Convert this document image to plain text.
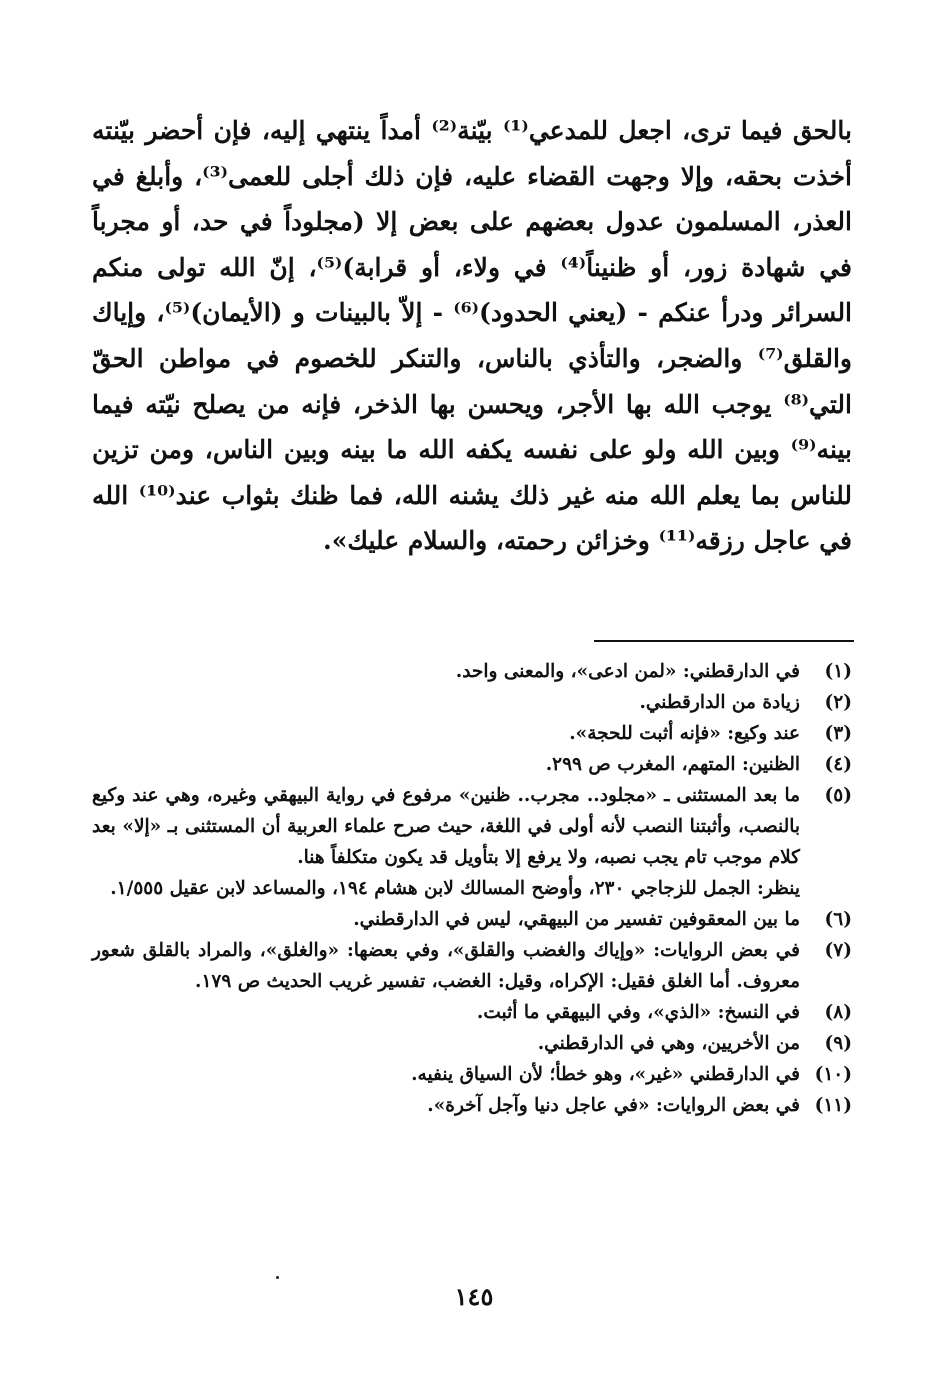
بالحق فيما ترى، اجعل للمدعي⁽¹⁾ بيّنة⁽²⁾ أمداً ينتهي إليه، فإن أحضر بيّنته أخذت بحقه، وإلا وجهت القضاء عليه، فإن ذلك أجلى للعمى⁽³⁾، وأبلغ في العذر، المسلمون عدول بعضهم على بعض إلا (مجلوداً في حد، أو مجرباً في شهادة زور، أو ظنيناً⁽⁴⁾ في ولاء، أو قرابة)⁽⁵⁾، إنّ الله تولى منكم السرائر ودرأ عنكم - (يعني الحدود)⁽⁶⁾ - إلاّ بالبينات و (الأيمان)⁽⁵⁾، وإياك والقلق⁽⁷⁾ والضجر، والتأذي بالناس، والتنكر للخصوم في مواطن الحقّ التي⁽⁸⁾ يوجب الله بها الأجر، ويحسن بها الذخر، فإنه من يصلح نيّته فيما بينه⁽⁹⁾ وبين الله ولو على نفسه يكفه الله ما بينه وبين الناس، ومن تزين للناس بما يعلم الله منه غير ذلك يشنه الله، فما ظنك بثواب عند⁽¹⁰⁾ الله في عاجل رزقه⁽¹¹⁾ وخزائن رحمته، والسلام عليك».

(١)
في الدارقطني: «لمن ادعى»، والمعنى واحد.
(٢)
زيادة من الدارقطني.
(٣)
عند وكيع: «فإنه أثبت للحجة».
(٤)
الظنين: المتهم، المغرب ص ٢٩٩.
(٥)

ما بعد المستثنى ـ «مجلود.. مجرب.. ظنين» مرفوع في رواية البيهقي وغيره، وهي عند وكيع بالنصب، وأثبتنا النصب لأنه أولى في اللغة، حيث صرح علماء العربية أن المستثنى بـ «إلا» بعد كلام موجب تام يجب نصبه، ولا يرفع إلا بتأويل قد يكون متكلفاً هنا.

ينظر: الجمل للزجاجي ٢٣٠، وأوضح المسالك لابن هشام ١٩٤، والمساعد لابن عقيل ١/٥٥٥.

(٦)
ما بين المعقوفين تفسير من البيهقي، ليس في الدارقطني.
(٧)
في بعض الروايات: «وإياك والغضب والقلق»، وفي بعضها: «والغلق»، والمراد بالقلق شعور معروف. أما الغلق فقيل: الإكراه، وقيل: الغضب، تفسير غريب الحديث ص ١٧٩.
(٨)
في النسخ: «الذي»، وفي البيهقي ما أثبت.
(٩)
من الأخريين، وهي في الدارقطني.
(١٠)
في الدارقطني «غير»، وهو خطأ؛ لأن السياق ينفيه.
(١١)
في بعض الروايات: «في عاجل دنيا وآجل آخرة».
١٤٥
